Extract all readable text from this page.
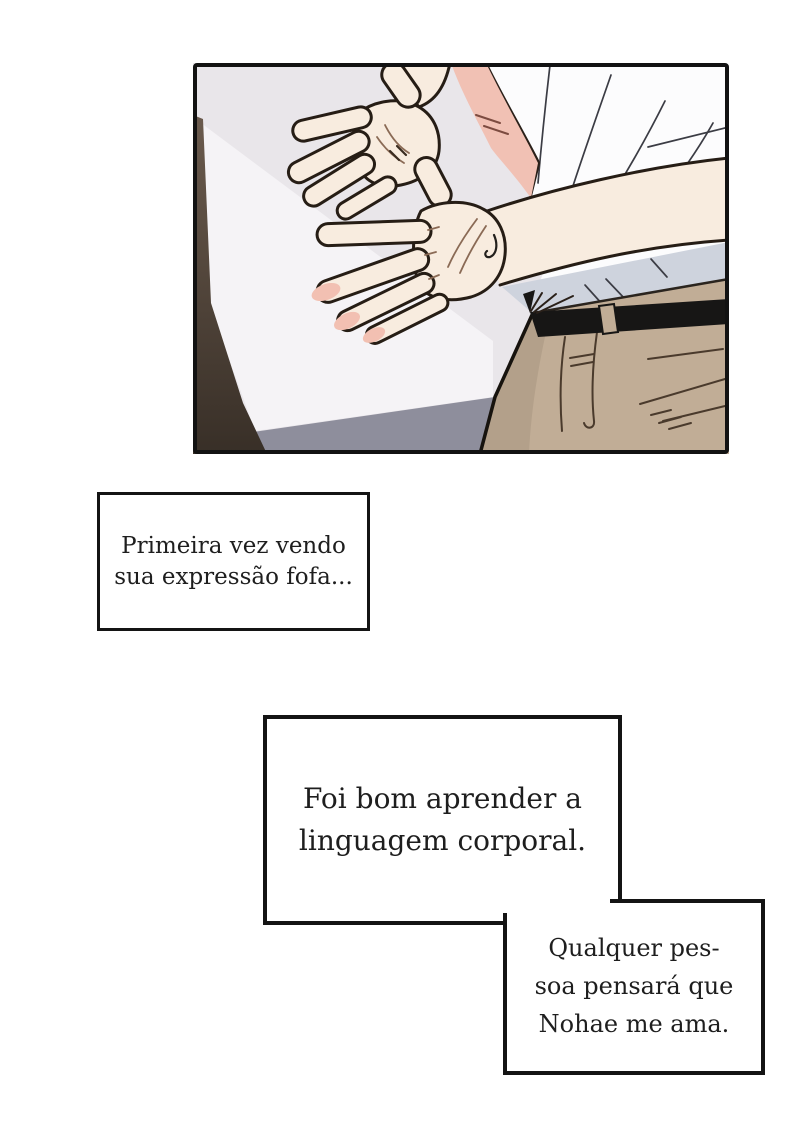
Primeira vez vendo
sua expressão fofa...
Foi bom aprender a
linguagem corporal.
Qualquer pes-
soa pensará que
Nohae me ama.
